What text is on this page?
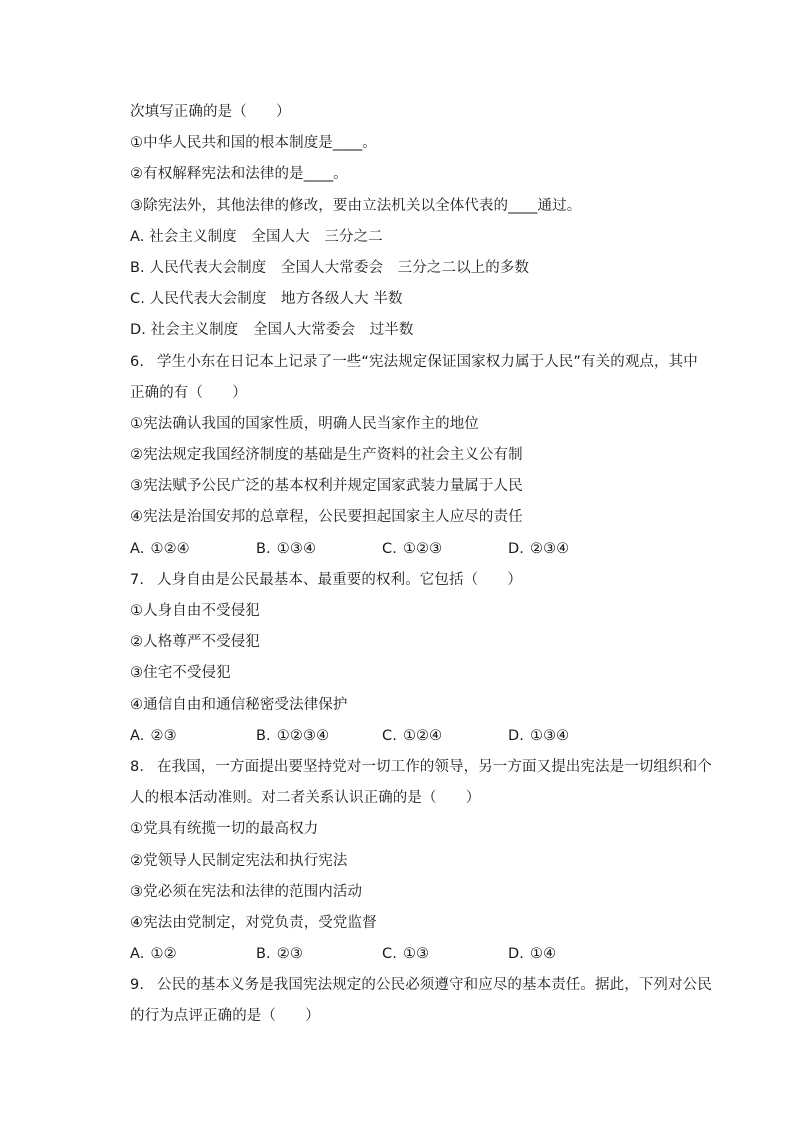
次填写正确的是（　　）
①中华人民共和国的根本制度是____。
②有权解释宪法和法律的是____。
③除宪法外，其他法律的修改，要由立法机关以全体代表的____通过。
A. 社会主义制度　全国人大　三分之二
B. 人民代表大会制度　全国人大常委会　三分之二以上的多数
C. 人民代表大会制度　地方各级人大 半数
D. 社会主义制度　全国人大常委会　过半数
6. 学生小东在日记本上记录了一些“宪法规定保证国家权力属于人民”有关的观点，其中
正确的有（　　）
①宪法确认我国的国家性质，明确人民当家作主的地位
②宪法规定我国经济制度的基础是生产资料的社会主义公有制
③宪法赋予公民广泛的基本权利并规定国家武装力量属于人民
④宪法是治国安邦的总章程，公民要担起国家主人应尽的责任
A. ①②④	B. ①③④	C. ①②③	D. ②③④
7. 人身自由是公民最基本、最重要的权利。它包括（　　）
①人身自由不受侵犯
②人格尊严不受侵犯
③住宅不受侵犯
④通信自由和通信秘密受法律保护
A. ②③	B. ①②③④	C. ①②④	D. ①③④
8. 在我国，一方面提出要坚持党对一切工作的领导，另一方面又提出宪法是一切组织和个
人的根本活动准则。对二者关系认识正确的是（　　）
①党具有统揽一切的最高权力
②党领导人民制定宪法和执行宪法
③党必须在宪法和法律的范围内活动
④宪法由党制定，对党负责，受党监督
A. ①②	B. ②③	C. ①③	D. ①④
9. 公民的基本义务是我国宪法规定的公民必须遵守和应尽的基本责任。据此，下列对公民
的行为点评正确的是（　　）
